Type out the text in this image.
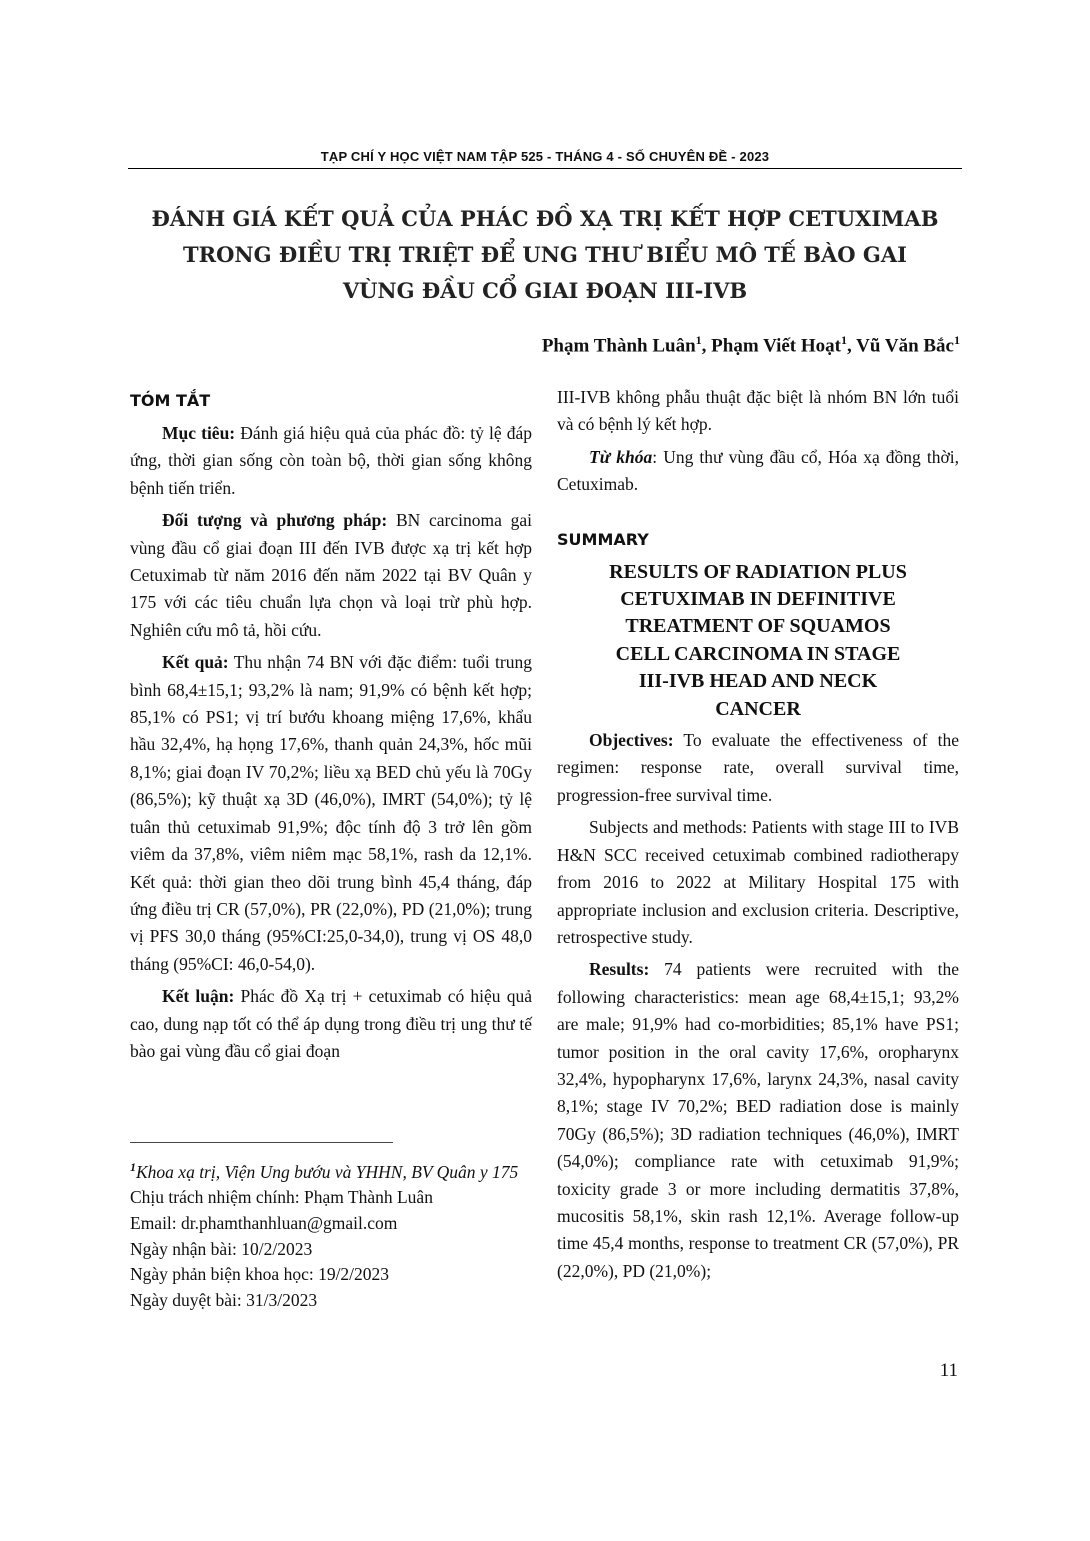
TẠP CHÍ Y HỌC VIỆT NAM TẬP 525 - THÁNG 4 - SỐ CHUYÊN ĐỀ - 2023
ĐÁNH GIÁ KẾT QUẢ CỦA PHÁC ĐỒ XẠ TRỊ KẾT HỢP CETUXIMAB
TRONG ĐIỀU TRỊ TRIỆT ĐỂ UNG THƯ BIỂU MÔ TẾ BÀO GAI
VÙNG ĐẦU CỔ GIAI ĐOẠN III-IVB

Phạm Thành Luân$^1$, Phạm Viết Hoạt$^1$, Vũ Văn Bắc$^1$

TÓM TẮT

Mục tiêu: Đánh giá hiệu quả của phác đồ: tỷ lệ đáp ứng, thời gian sống còn toàn bộ, thời gian sống không bệnh tiến triển.

Đối tượng và phương pháp: BN carcinoma gai vùng đầu cổ giai đoạn III đến IVB được xạ trị kết hợp Cetuximab từ năm 2016 đến năm 2022 tại BV Quân y 175 với các tiêu chuẩn lựa chọn và loại trừ phù hợp. Nghiên cứu mô tả, hồi cứu.

Kết quả: Thu nhận 74 BN với đặc điểm: tuổi trung bình 68,4±15,1; 93,2% là nam; 91,9% có bệnh kết hợp; 85,1% có PS1; vị trí bướu khoang miệng 17,6%, khẩu hầu 32,4%, hạ họng 17,6%, thanh quản 24,3%, hốc mũi 8,1%; giai đoạn IV 70,2%; liều xạ BED chủ yếu là 70Gy (86,5%); kỹ thuật xạ 3D (46,0%), IMRT (54,0%); tỷ lệ tuân thủ cetuximab 91,9%; độc tính độ 3 trở lên gồm viêm da 37,8%, viêm niêm mạc 58,1%, rash da 12,1%. Kết quả: thời gian theo dõi trung bình 45,4 tháng, đáp ứng điều trị CR (57,0%), PR (22,0%), PD (21,0%); trung vị PFS 30,0 tháng (95%CI:25,0-34,0), trung vị OS 48,0 tháng (95%CI: 46,0-54,0).

Kết luận: Phác đồ Xạ trị + cetuximab có hiệu quả cao, dung nạp tốt có thể áp dụng trong điều trị ung thư tế bào gai vùng đầu cổ giai đoạn

III-IVB không phẫu thuật đặc biệt là nhóm BN lớn tuổi và có bệnh lý kết hợp.

Từ khóa: Ung thư vùng đầu cổ, Hóa xạ đồng thời, Cetuximab.

SUMMARY
RESULTS OF RADIATION PLUS
CETUXIMAB IN DEFINITIVE
TREATMENT OF SQUAMOS
CELL CARCINOMA IN STAGE
III-IVB HEAD AND NECK
CANCER

Objectives: To evaluate the effectiveness of the regimen: response rate, overall survival time, progression-free survival time.

Subjects and methods: Patients with stage III to IVB H&N SCC received cetuximab combined radiotherapy from 2016 to 2022 at Military Hospital 175 with appropriate inclusion and exclusion criteria. Descriptive, retrospective study.

Results: 74 patients were recruited with the following characteristics: mean age 68,4±15,1; 93,2% are male; 91,9% had co-morbidities; 85,1% have PS1; tumor position in the oral cavity 17,6%, oropharynx 32,4%, hypopharynx 17,6%, larynx 24,3%, nasal cavity 8,1%; stage IV 70,2%; BED radiation dose is mainly 70Gy (86,5%); 3D radiation techniques (46,0%), IMRT (54,0%); compliance rate with cetuximab 91,9%; toxicity grade 3 or more including dermatitis 37,8%, mucositis 58,1%, skin rash 12,1%. Average follow-up time 45,4 months, response to treatment CR (57,0%), PR (22,0%), PD (21,0%);

$^1$Khoa xạ trị, Viện Ung bướu và YHHN, BV Quân y 175
Chịu trách nhiệm chính: Phạm Thành Luân
Email: dr.phamthanhluan@gmail.com
Ngày nhận bài: 10/2/2023
Ngày phản biện khoa học: 19/2/2023
Ngày duyệt bài: 31/3/2023
11
